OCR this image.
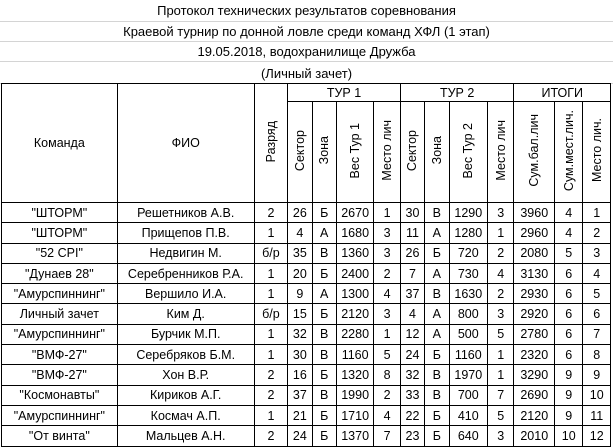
Протокол технических результатов соревнования
Краевой турнир по донной ловле среди команд ХФЛ (1 этап)
19.05.2018, водохранилище Дружба
(Личный зачет)
Команда	ФИО	Разряд	ТУР 1				ТУР 2				ИТОГИ		
			Сектор	Зона	Вес Тур 1	Место лич	Сектор	Зона	Вес Тур 2	Место лич	Сум.бал.лич	Сум.мест.лич.	Место лич.
"ШТОРМ"	Решетников А.В.	2	26	Б	2670	1	30	В	1290	3	3960	4	1
"ШТОРМ"	Прищепов П.В.	1	4	А	1680	3	11	А	1280	1	2960	4	2
"52 CPI"	Недвигин М.	б/р	35	В	1360	3	26	Б	720	2	2080	5	3
"Дунаев 28"	Серебренников Р.А.	1	20	Б	2400	2	7	А	730	4	3130	6	4
"Амурспиннинг"	Вершило И.А.	1	9	А	1300	4	37	В	1630	2	2930	6	5
Личный зачет	Ким Д.	б/р	15	Б	2120	3	4	А	800	3	2920	6	6
"Амурспиннинг"	Бурчик М.П.	1	32	В	2280	1	12	А	500	5	2780	6	7
"ВМФ-27"	Серебряков Б.М.	1	30	В	1160	5	24	Б	1160	1	2320	6	8
"ВМФ-27"	Хон В.Р.	2	16	Б	1320	8	32	В	1970	1	3290	9	9
"Космонавты"	Кириков А.Г.	2	37	В	1990	2	33	В	700	7	2690	9	10
"Амурспиннинг"	Космач А.П.	1	21	Б	1710	4	22	Б	410	5	2120	9	11
"От винта"	Мальцев А.Н.	2	24	Б	1370	7	23	Б	640	3	2010	10	12
